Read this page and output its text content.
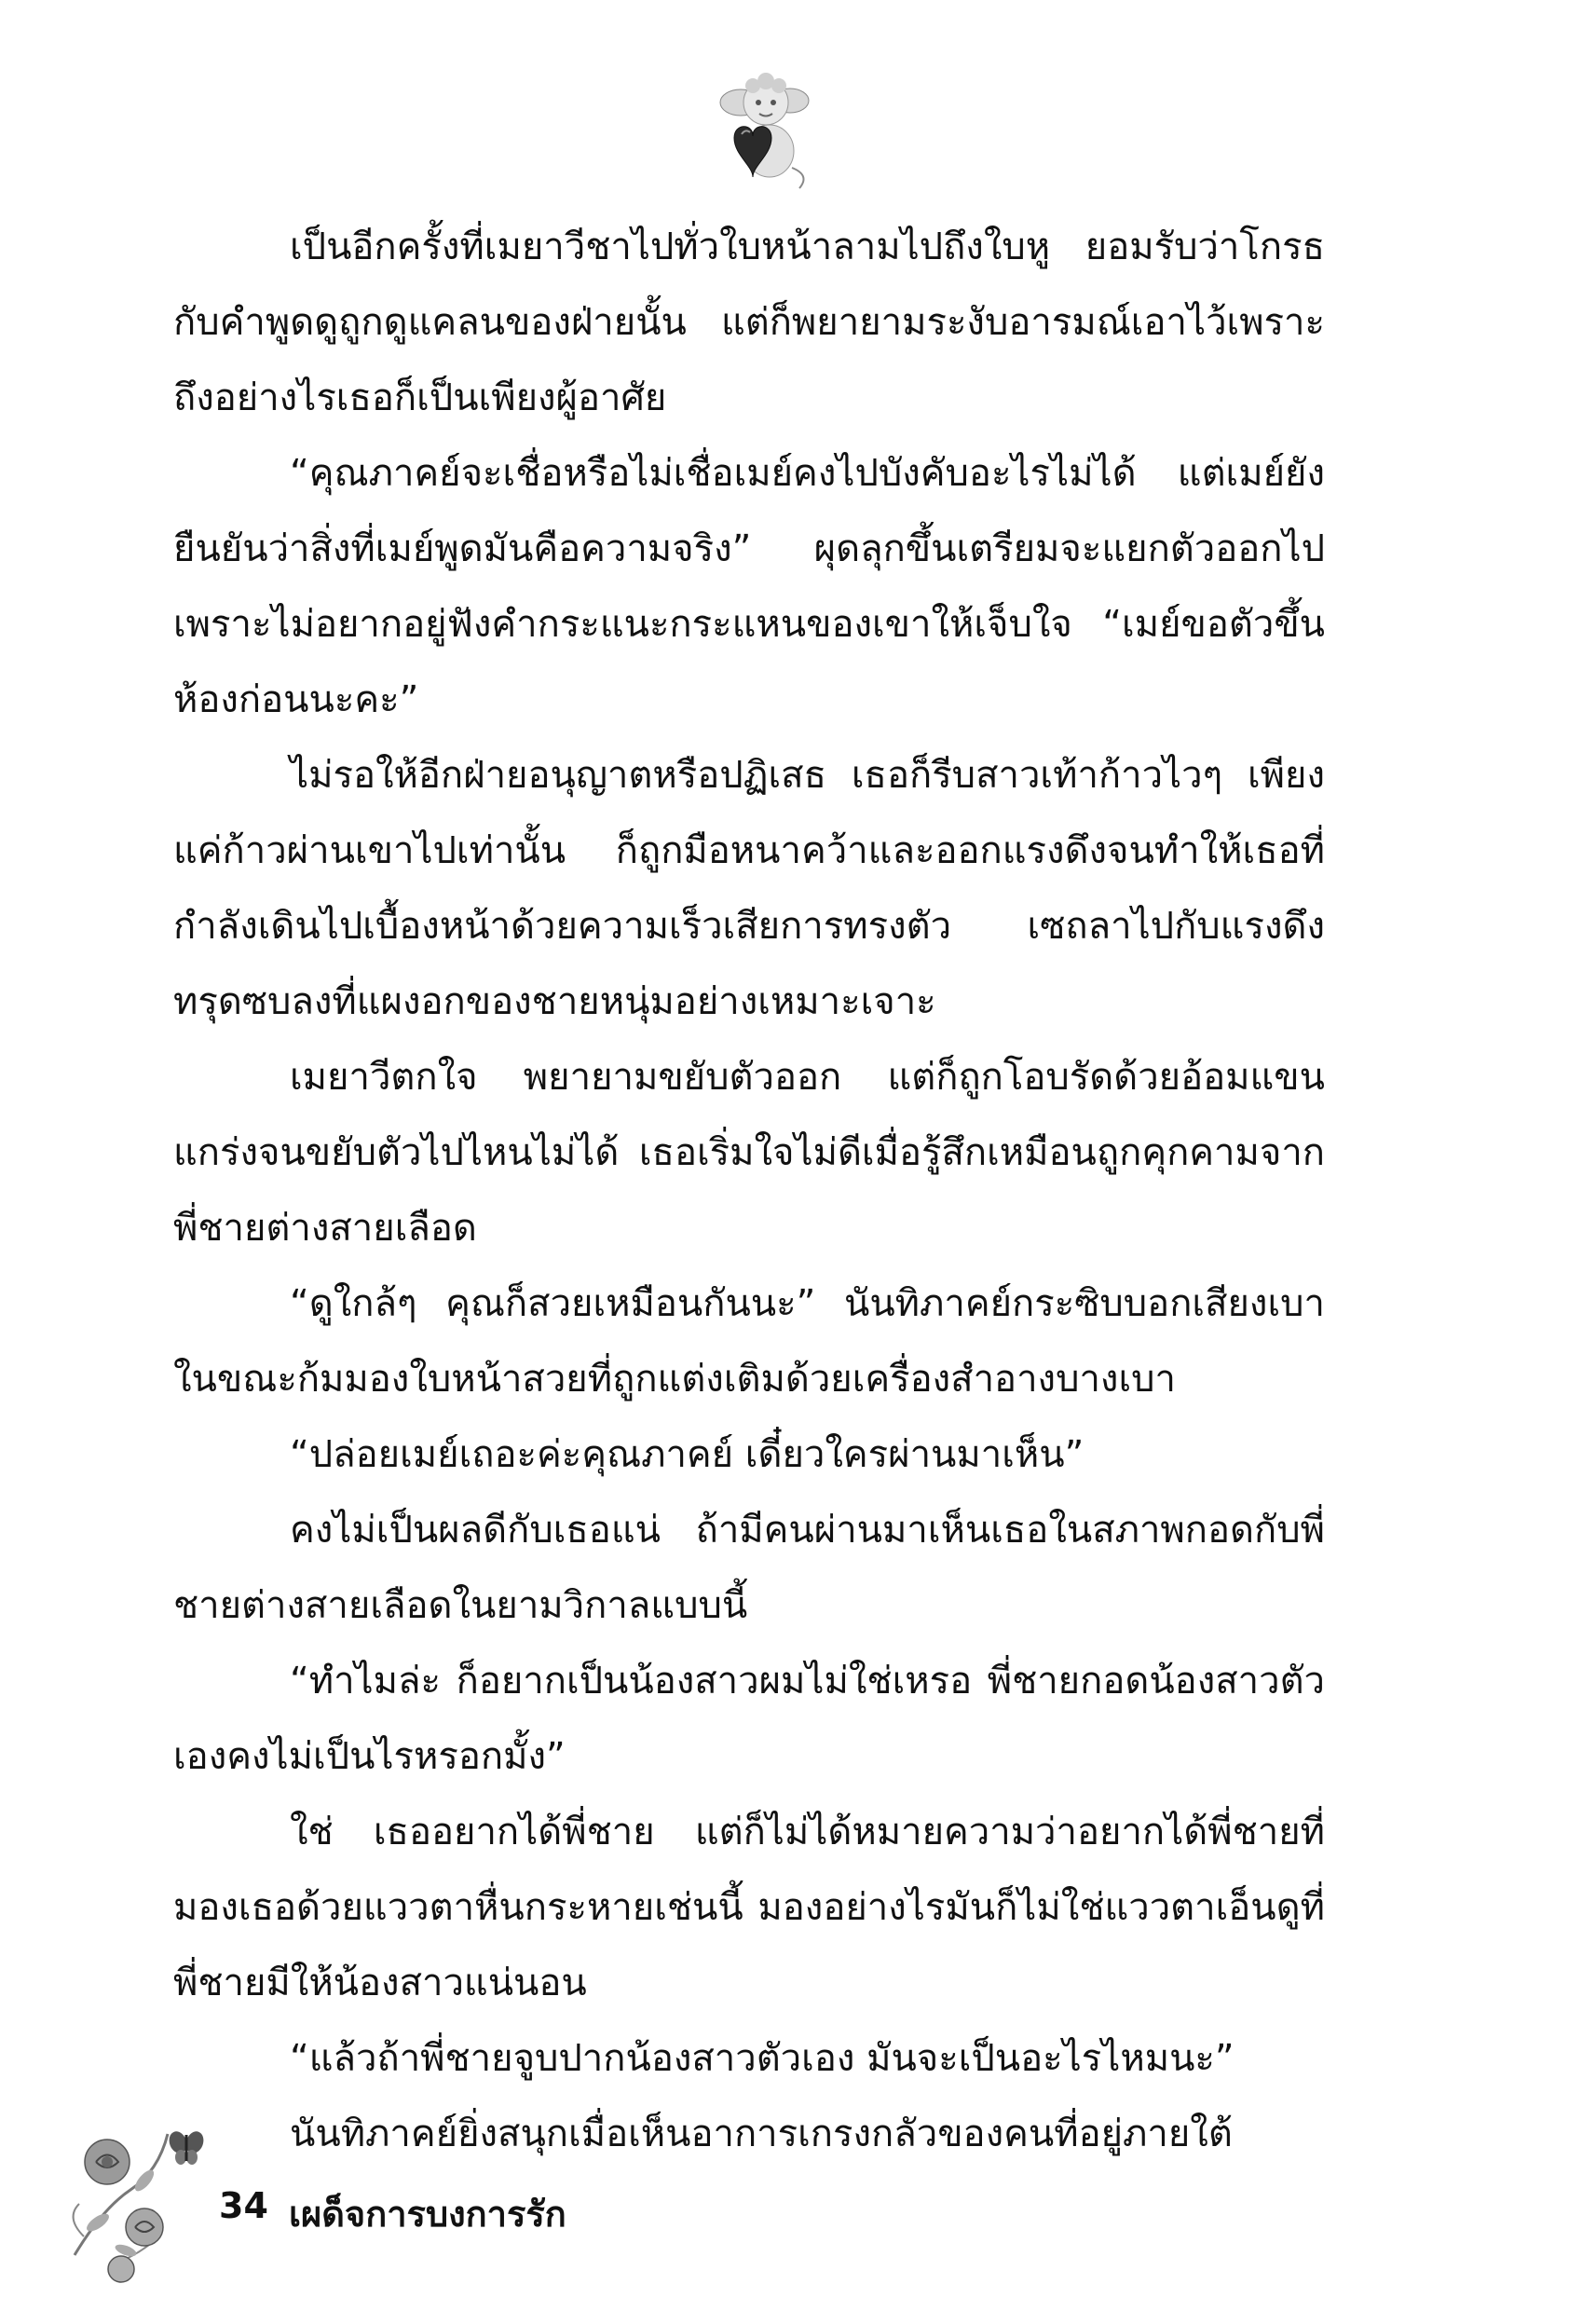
เป็นอีกครั้งที่เมยาวีชาไปทั่วใบหน้าลามไปถึงใบหู ยอมรับว่าโกรธกับคำพูดดูถูกดูแคลนของฝ่ายนั้น แต่ก็พยายามระงับอารมณ์เอาไว้เพราะถึงอย่างไรเธอก็เป็นเพียงผู้อาศัย

“คุณภาคย์จะเชื่อหรือไม่เชื่อเมย์คงไปบังคับอะไรไม่ได้ แต่เมย์ยังยืนยันว่าสิ่งที่เมย์พูดมันคือความจริง” ผุดลุกขึ้นเตรียมจะแยกตัวออกไป เพราะไม่อยากอยู่ฟังคำกระแนะกระแหนของเขาให้เจ็บใจ “เมย์ขอตัวขึ้นห้องก่อนนะคะ”

ไม่รอให้อีกฝ่ายอนุญาตหรือปฏิเสธ เธอก็รีบสาวเท้าก้าวไวๆ เพียงแค่ก้าวผ่านเขาไปเท่านั้น ก็ถูกมือหนาคว้าและออกแรงดึงจนทำให้เธอที่กำลังเดินไปเบื้องหน้าด้วยความเร็วเสียการทรงตัว เซถลาไปกับแรงดึง ทรุดซบลงที่แผงอกของชายหนุ่มอย่างเหมาะเจาะ

เมยาวีตกใจ พยายามขยับตัวออก แต่ก็ถูกโอบรัดด้วยอ้อมแขนแกร่งจนขยับตัวไปไหนไม่ได้ เธอเริ่มใจไม่ดีเมื่อรู้สึกเหมือนถูกคุกคามจากพี่ชายต่างสายเลือด

“ดูใกล้ๆ คุณก็สวยเหมือนกันนะ” นันทิภาคย์กระซิบบอกเสียงเบาในขณะก้มมองใบหน้าสวยที่ถูกแต่งเติมด้วยเครื่องสำอางบางเบา

“ปล่อยเมย์เถอะค่ะคุณภาคย์ เดี๋ยวใครผ่านมาเห็น”

คงไม่เป็นผลดีกับเธอแน่ ถ้ามีคนผ่านมาเห็นเธอในสภาพกอดกับพี่ชายต่างสายเลือดในยามวิกาลแบบนี้

“ทำไมล่ะ ก็อยากเป็นน้องสาวผมไม่ใช่เหรอ พี่ชายกอดน้องสาวตัวเองคงไม่เป็นไรหรอกมั้ง”

ใช่ เธออยากได้พี่ชาย แต่ก็ไม่ได้หมายความว่าอยากได้พี่ชายที่มองเธอด้วยแววตาหื่นกระหายเช่นนี้ มองอย่างไรมันก็ไม่ใช่แววตาเอ็นดูที่พี่ชายมีให้น้องสาวแน่นอน

“แล้วถ้าพี่ชายจูบปากน้องสาวตัวเอง มันจะเป็นอะไรไหมนะ”

นันทิภาคย์ยิ่งสนุกเมื่อเห็นอาการเกรงกลัวของคนที่อยู่ภายใต้

34 เผด็จการบงการรัก
